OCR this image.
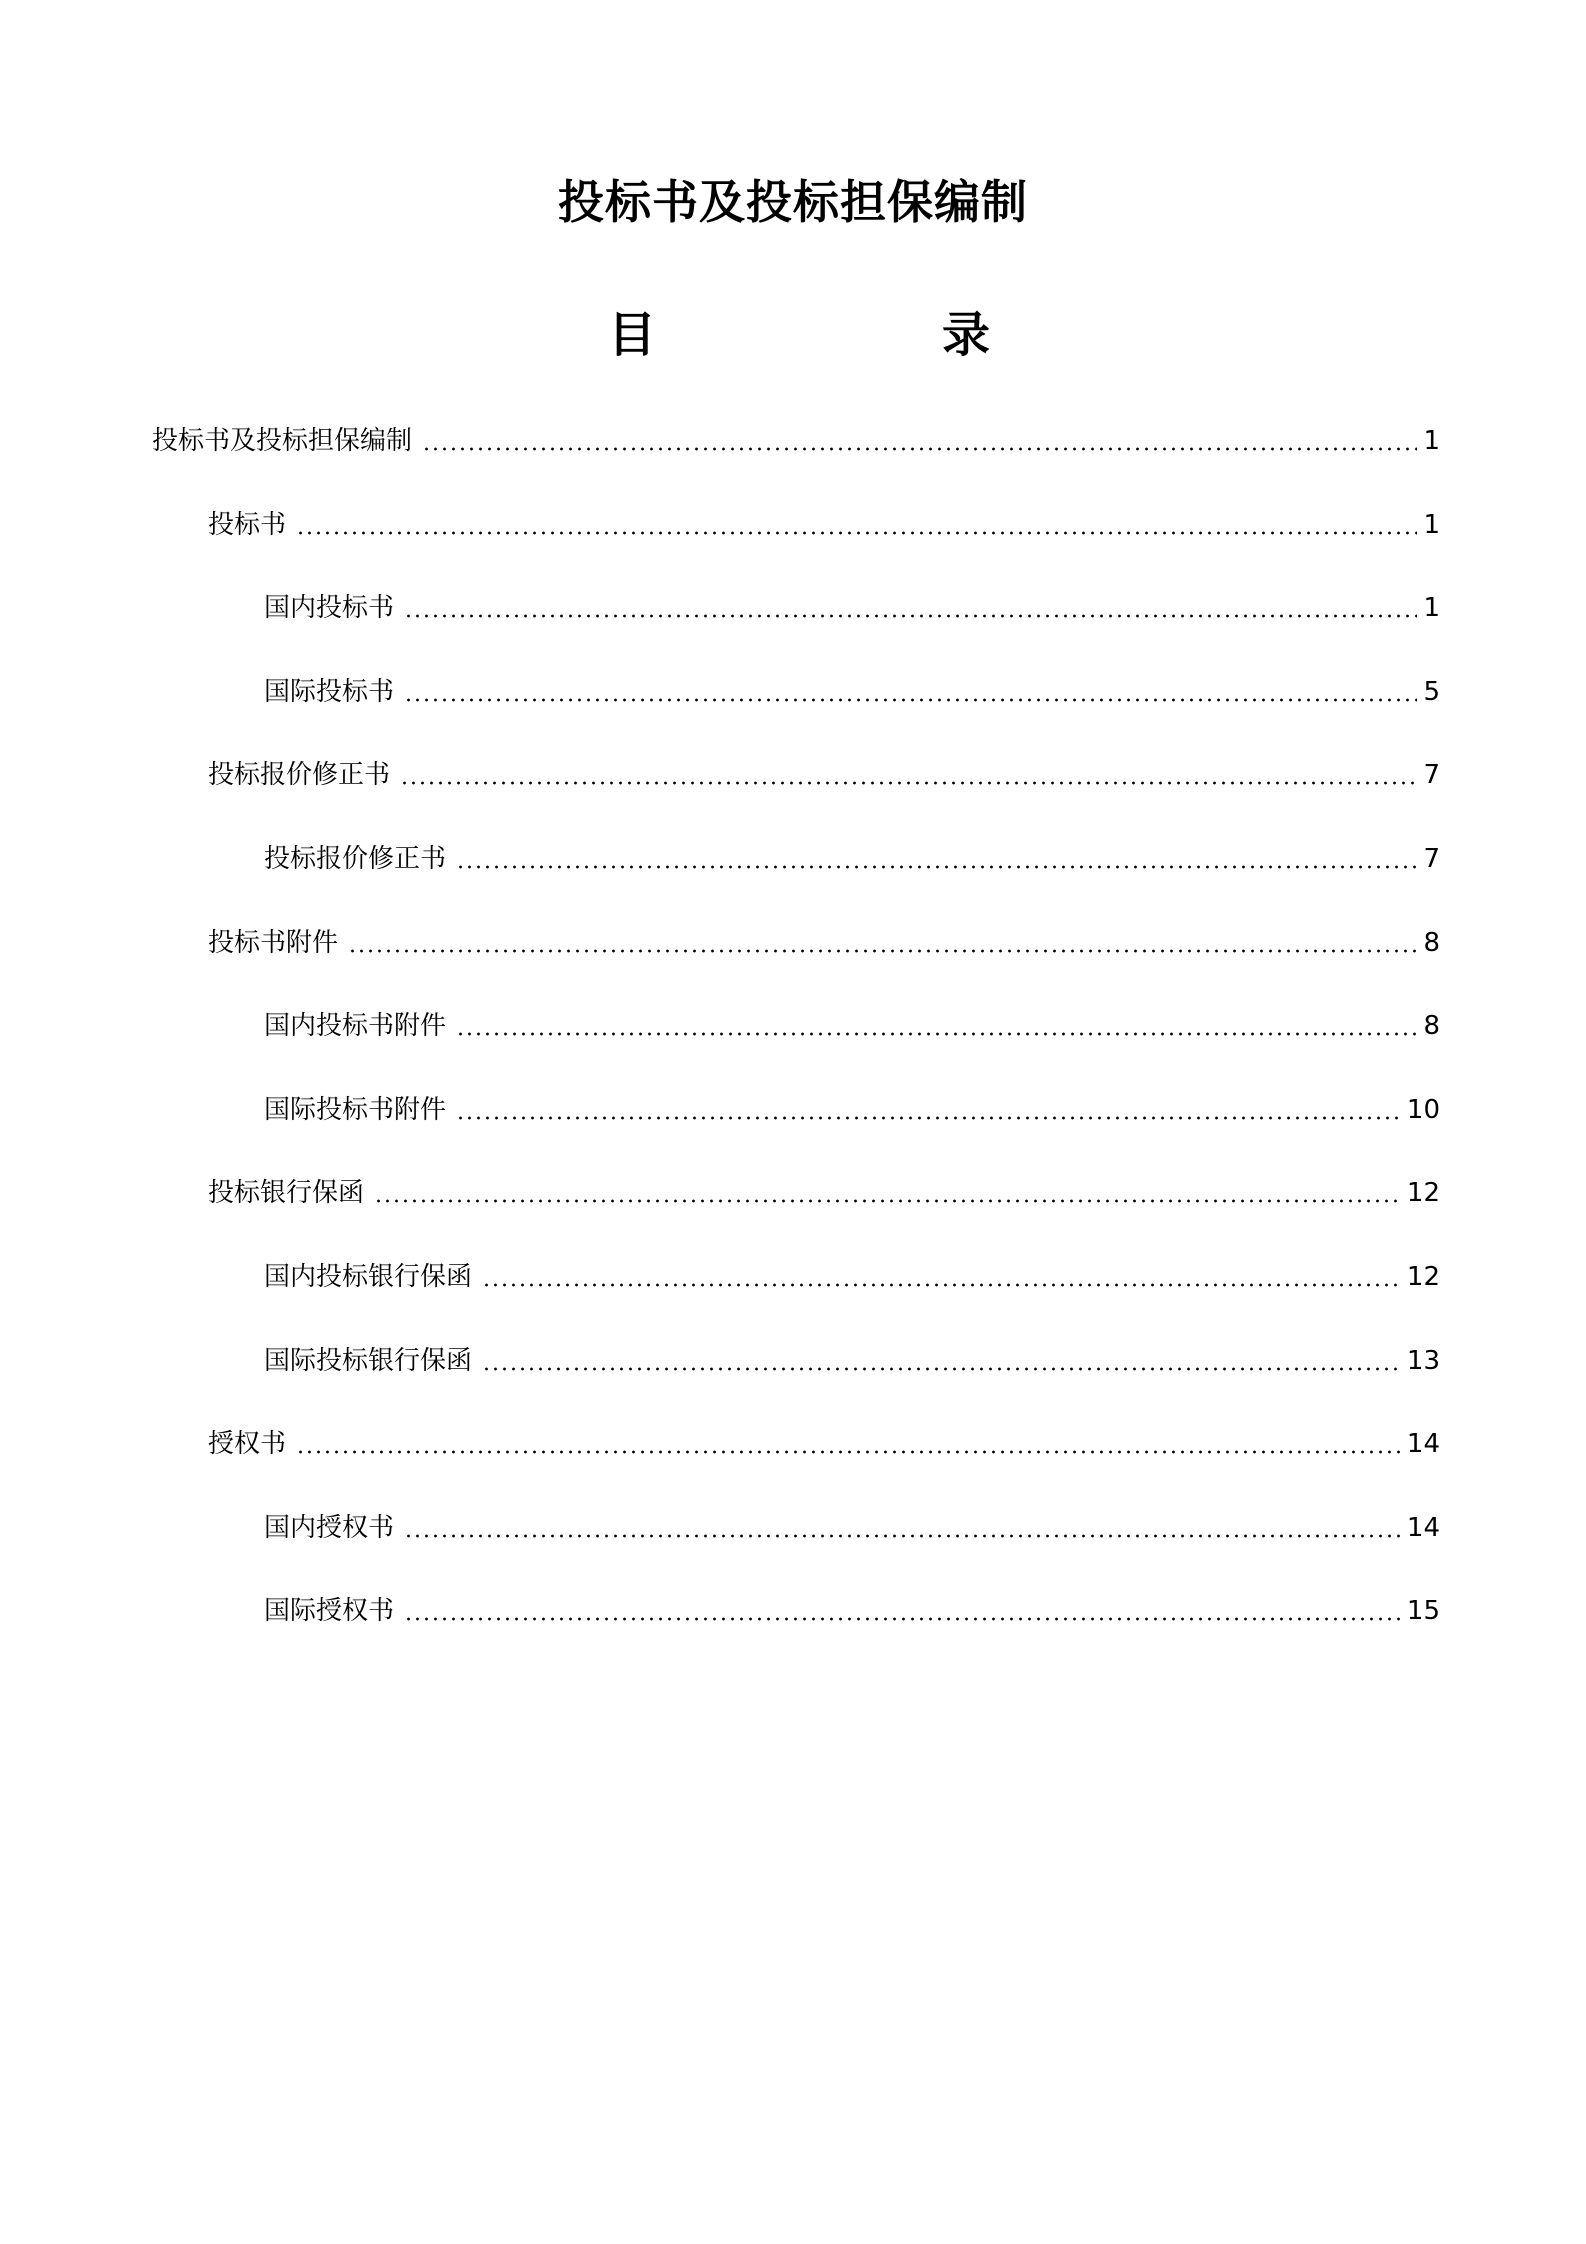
投标书及投标担保编制
目	录
投标书及投标担保编制	1
投标书	1
国内投标书	1
国际投标书	5
投标报价修正书	7
投标报价修正书	7
投标书附件	8
国内投标书附件	8
国际投标书附件	10
投标银行保函	12
国内投标银行保函	12
国际投标银行保函	13
授权书	14
国内授权书	14
国际授权书	15
